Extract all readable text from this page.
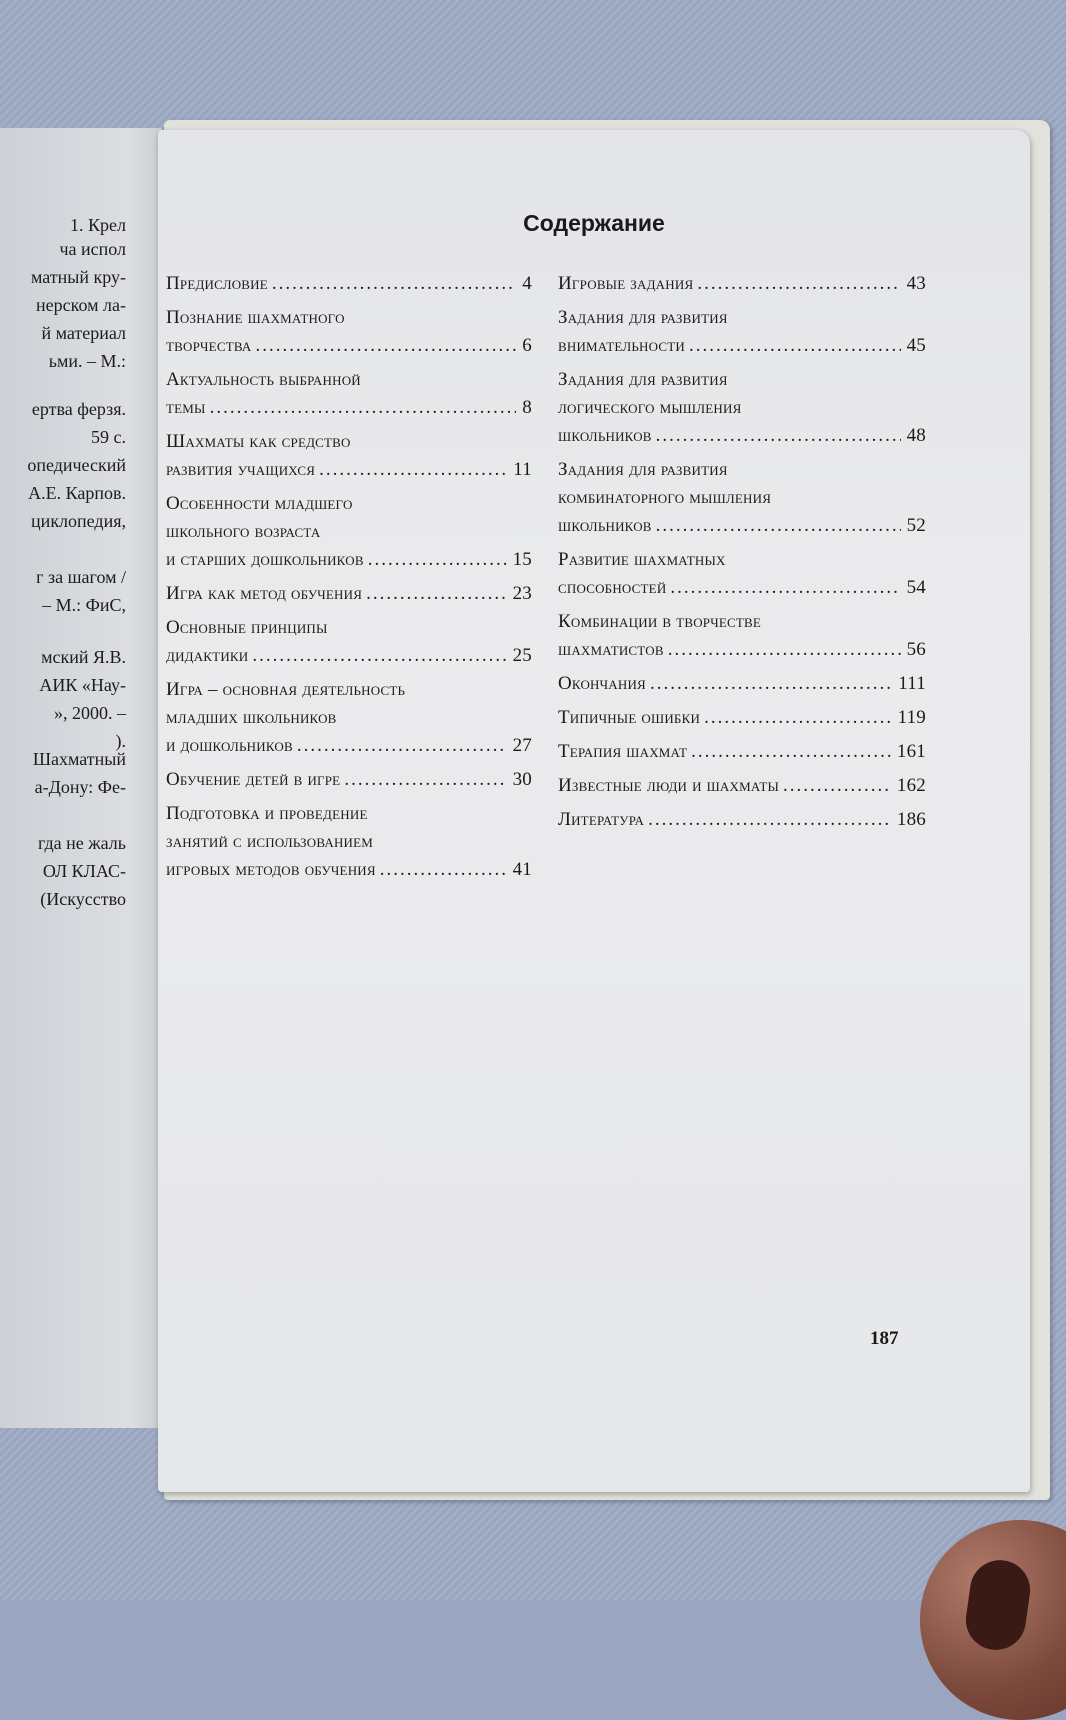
1. Крел
ча испол
матный кру-
нерском ла-
й материал
ьми. – М.:
ертва ферзя.
59 с.
опедический
А.Е. Карпов.
циклопедия,
г за шагом /
– М.: ФиС,
мский Я.В.
АИК «Нау-
», 2000. –
).
Шахматный
а-Дону: Фе-
гда не жаль
ОЛ КЛАС-
(Искусство

Содержание
Предисловие .....	4
Познание шахматного
творчества .....	6
Актуальность выбранной
темы .....	8
Шахматы как средство
развития учащихся .....	11
Особенности младшего
школьного возраста
и старших дошкольников .....	15
Игра как метод обучения .....	23
Основные принципы
дидактики .....	25
Игра – основная деятельность
младших школьников
и дошкольников .....	27
Обучение детей в игре .....	30
Подготовка и проведение
занятий с использованием
игровых методов обучения .....	41
Игровые задания .....	43
Задания для развития
внимательности .....	45
Задания для развития
логического мышления
школьников .....	48
Задания для развития
комбинаторного мышления
школьников .....	52
Развитие шахматных
способностей .....	54
Комбинации в творчестве
шахматистов .....	56
Окончания .....	111
Типичные ошибки .....	119
Терапия шахмат .....	161
Известные люди и шахматы .....	162
Литература .....	186
187
